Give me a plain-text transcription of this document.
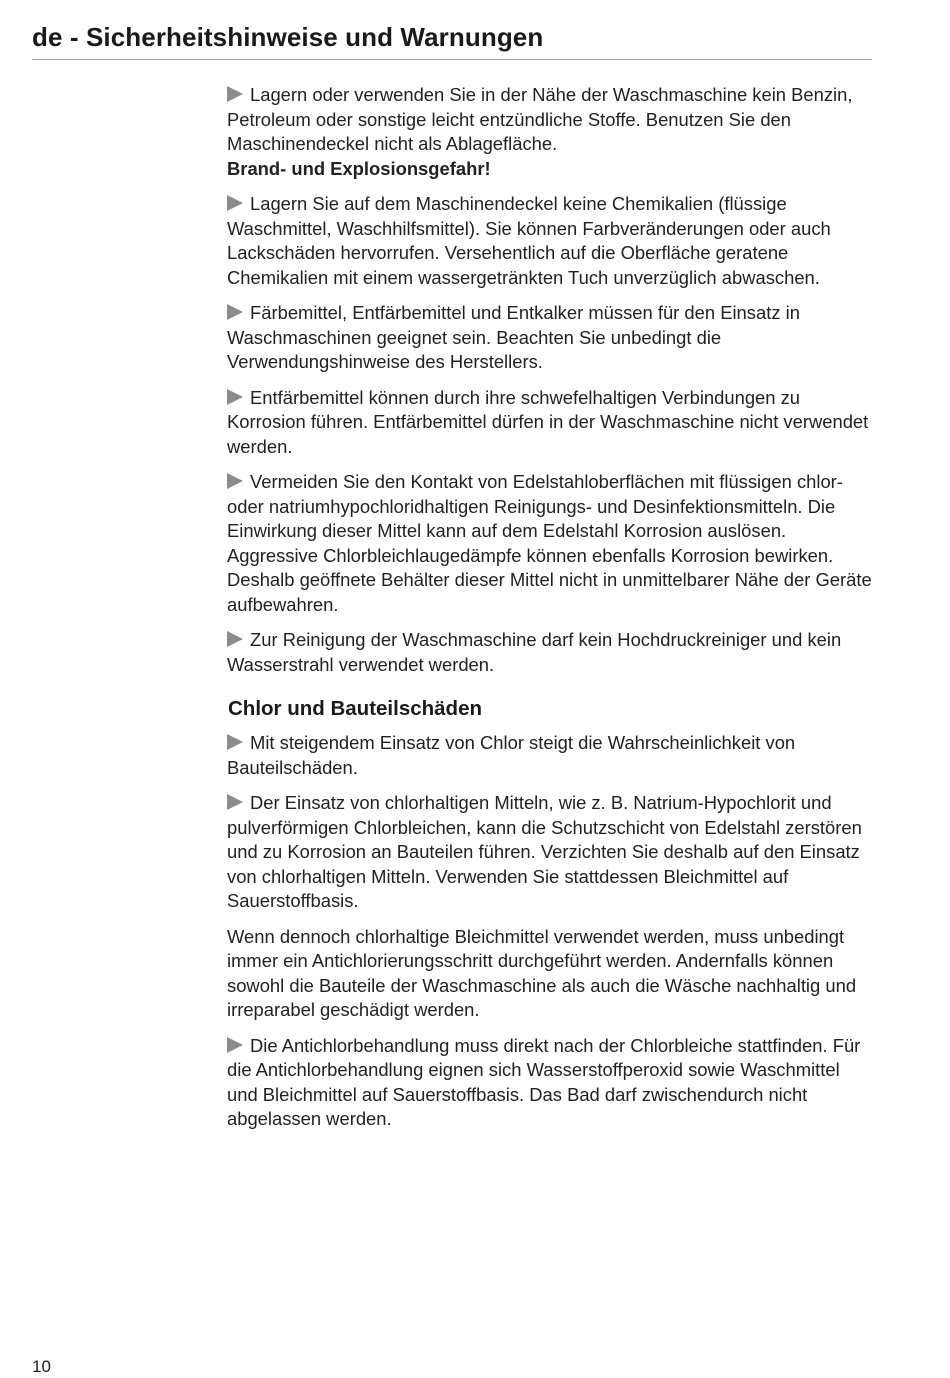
de - Sicherheitshinweise und Warnungen

Lagern oder verwenden Sie in der Nähe der Waschmaschine kein Benzin, Petroleum oder sonstige leicht entzündliche Stoffe. Benutzen Sie den Maschinendeckel nicht als Ablagefläche.
Brand- und Explosionsgefahr!

Lagern Sie auf dem Maschinendeckel keine Chemikalien (flüssige Waschmittel, Waschhilfsmittel). Sie können Farbveränderungen oder auch Lackschäden hervorrufen. Versehentlich auf die Oberfläche geratene Chemikalien mit einem wassergetränkten Tuch unverzüglich abwaschen.

Färbemittel, Entfärbemittel und Entkalker müssen für den Einsatz in Waschmaschinen geeignet sein. Beachten Sie unbedingt die Verwendungshinweise des Herstellers.

Entfärbemittel können durch ihre schwefelhaltigen Verbindungen zu Korrosion führen. Entfärbemittel dürfen in der Waschmaschine nicht verwendet werden.

Vermeiden Sie den Kontakt von Edelstahloberflächen mit flüssigen chlor- oder natriumhypochloridhaltigen Reinigungs- und Desinfektionsmitteln. Die Einwirkung dieser Mittel kann auf dem Edelstahl Korrosion auslösen. Aggressive Chlorbleichlaugedämpfe können ebenfalls Korrosion bewirken. Deshalb geöffnete Behälter dieser Mittel nicht in unmittelbarer Nähe der Geräte aufbewahren.

Zur Reinigung der Waschmaschine darf kein Hochdruckreiniger und kein Wasserstrahl verwendet werden.

Chlor und Bauteilschäden

Mit steigendem Einsatz von Chlor steigt die Wahrscheinlichkeit von Bauteilschäden.

Der Einsatz von chlorhaltigen Mitteln, wie z. B. Natrium-Hypochlorit und pulverförmigen Chlorbleichen, kann die Schutzschicht von Edelstahl zerstören und zu Korrosion an Bauteilen führen. Verzichten Sie deshalb auf den Einsatz von chlorhaltigen Mitteln. Verwenden Sie stattdessen Bleichmittel auf Sauerstoffbasis.

Wenn dennoch chlorhaltige Bleichmittel verwendet werden, muss unbedingt immer ein Antichlorierungsschritt durchgeführt werden. Andernfalls können sowohl die Bauteile der Waschmaschine als auch die Wäsche nachhaltig und irreparabel geschädigt werden.

Die Antichlorbehandlung muss direkt nach der Chlorbleiche stattfinden. Für die Antichlorbehandlung eignen sich Wasserstoffperoxid sowie Waschmittel und Bleichmittel auf Sauerstoffbasis. Das Bad darf zwischendurch nicht abgelassen werden.

10
